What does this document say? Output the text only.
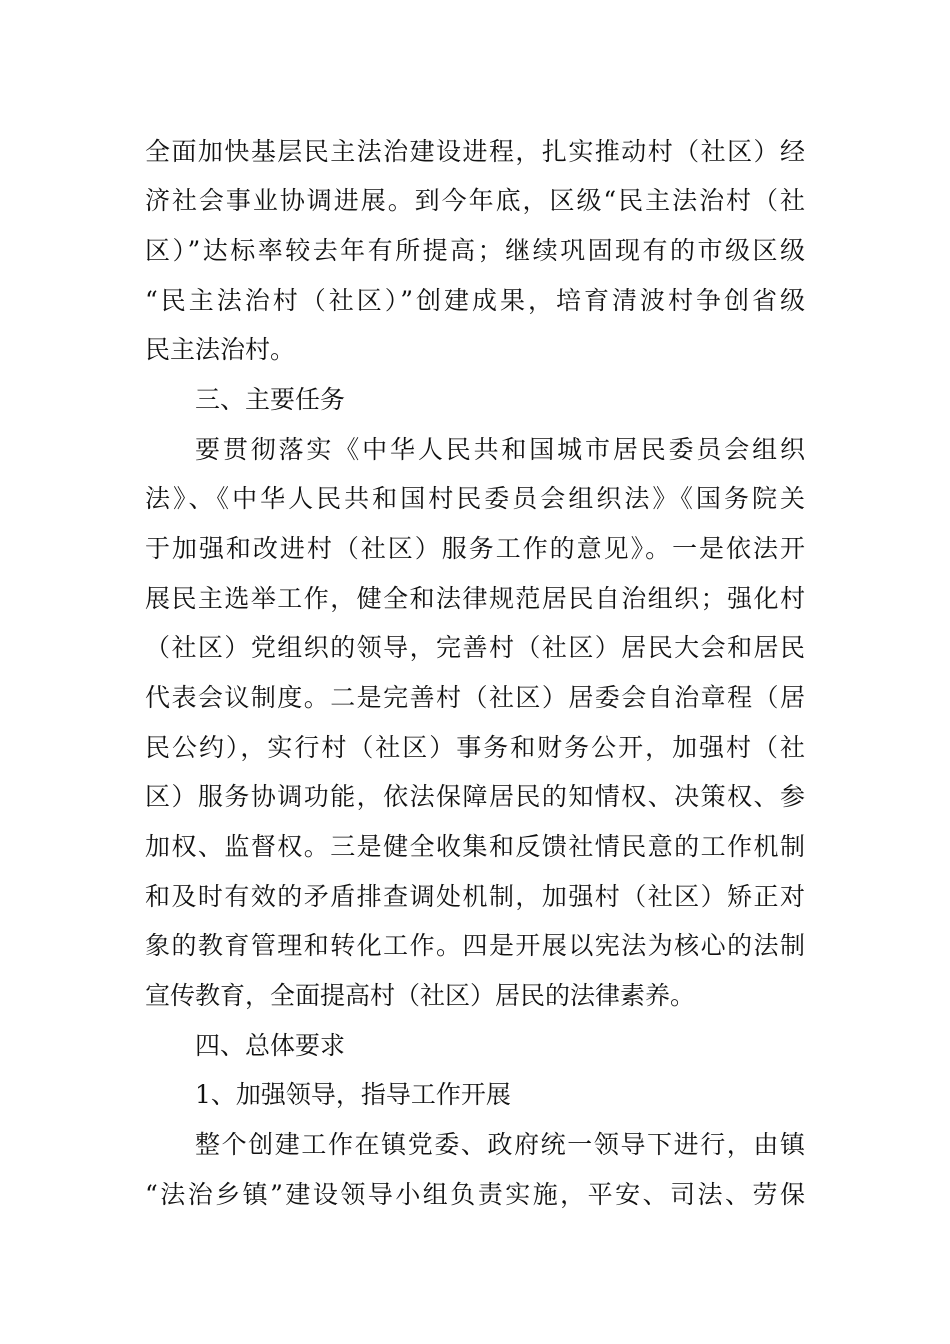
全面加快基层民主法治建设进程，扎实推动村（社区）经
济社会事业协调进展。到今年底，区级“民主法治村（社
区）”达标率较去年有所提高；继续巩固现有的市级区级
“民主法治村（社区）”创建成果，培育清波村争创省级
民主法治村。
三、主要任务
要贯彻落实《中华人民共和国城市居民委员会组织
法》、《中华人民共和国村民委员会组织法》《国务院关
于加强和改进村（社区）服务工作的意见》。一是依法开
展民主选举工作，健全和法律规范居民自治组织；强化村
（社区）党组织的领导，完善村（社区）居民大会和居民
代表会议制度。二是完善村（社区）居委会自治章程（居
民公约），实行村（社区）事务和财务公开，加强村（社
区）服务协调功能，依法保障居民的知情权、决策权、参
加权、监督权。三是健全收集和反馈社情民意的工作机制
和及时有效的矛盾排查调处机制，加强村（社区）矫正对
象的教育管理和转化工作。四是开展以宪法为核心的法制
宣传教育，全面提高村（社区）居民的法律素养。
四、总体要求
1、加强领导，指导工作开展
整个创建工作在镇党委、政府统一领导下进行，由镇
“法治乡镇”建设领导小组负责实施，平安、司法、劳保
